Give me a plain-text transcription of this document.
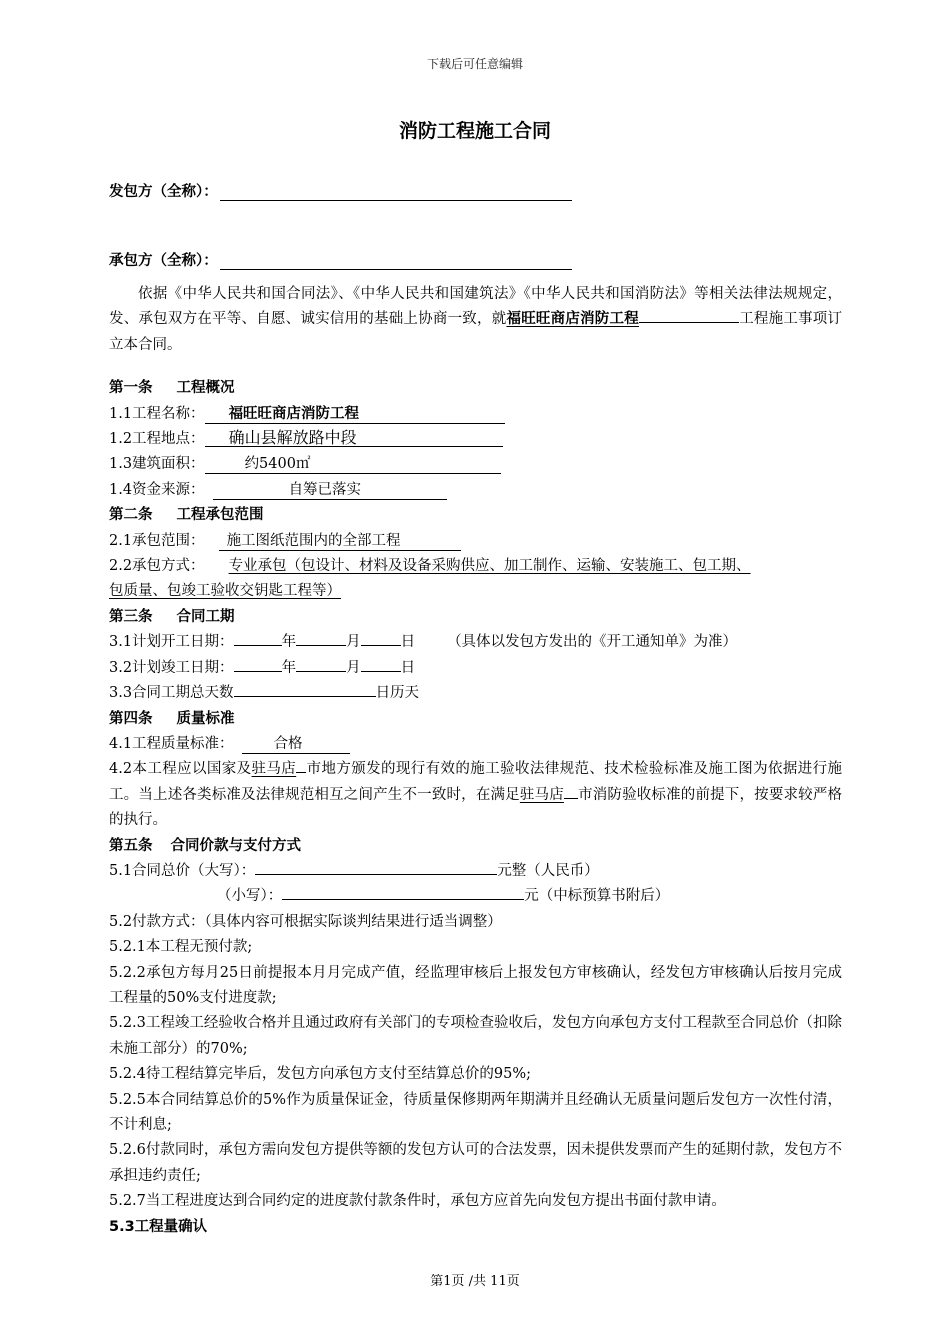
下载后可任意编辑
消防工程施工合同
发包方（全称）：
承包方（全称）：

依据《中华人民共和国合同法》、《中华人民共和国建筑法》《中华人民共和国消防法》等相关法律法规规定，发、承包双方在平等、自愿、诚实信用的基础上协商一致，就福旺旺商店消防工程	工程施工事项订立本合同。

第一条 工程概况

1.1工程名称： 福旺旺商店消防工程

1.2工程地点： 确山县解放路中段

1.3建筑面积：	约5400㎡

1.4资金来源：	自筹已落实

第二条 工程承包范围

2.1承包范围： 施工图纸范围内的全部工程

2.2承包方式： 专业承包（包设计、材料及设备采购供应、加工制作、运输、安装施工、包工期、

包质量、包竣工验收交钥匙工程等）

第三条 合同工期

3.1计划开工日期：	年	月	日 （具体以发包方发出的《开工通知单》为准）

3.2计划竣工日期：	年	月	日

3.3合同工期总天数	日历天

第四条 质量标准

4.1工程质量标准：	合格

4.2本工程应以国家及驻马店 市地方颁发的现行有效的施工验收法律规范、技术检验标准及施工图为依据进行施工。当上述各类标准及法律规范相互之间产生不一致时，在满足驻马店 市消防验收标准的前提下，按要求较严格的执行。

第五条 合同价款与支付方式

5.1合同总价（大写）：	元整（人民币）

（小写）：	元（中标预算书附后）

5.2付款方式：（具体内容可根据实际谈判结果进行适当调整）

5.2.1本工程无预付款;

5.2.2承包方每月25日前提报本月月完成产值，经监理审核后上报发包方审核确认，经发包方审核确认后按月完成工程量的50%支付进度款;

5.2.3工程竣工经验收合格并且通过政府有关部门的专项检查验收后，发包方向承包方支付工程款至合同总价（扣除未施工部分）的70%;

5.2.4待工程结算完毕后，发包方向承包方支付至结算总价的95%;

5.2.5本合同结算总价的5%作为质量保证金，待质量保修期两年期满并且经确认无质量问题后发包方一次性付清，不计利息;

5.2.6付款同时，承包方需向发包方提供等额的发包方认可的合法发票，因未提供发票而产生的延期付款，发包方不承担违约责任;

5.2.7当工程进度达到合同约定的进度款付款条件时，承包方应首先向发包方提出书面付款申请。

5.3工程量确认

第1页 /共 11页
